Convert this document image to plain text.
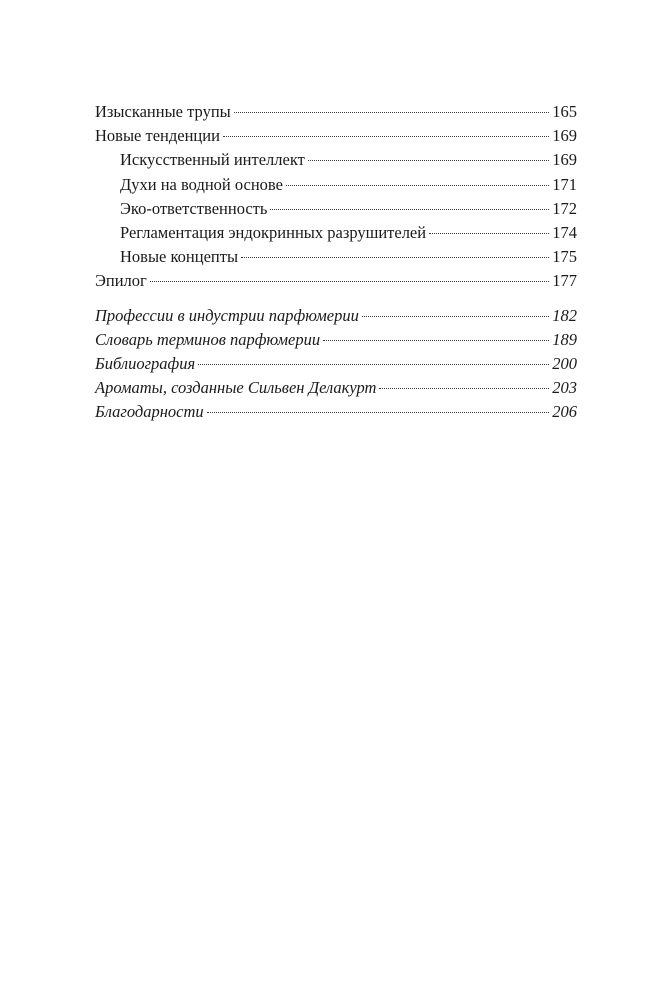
Изысканные трупы	165
Новые тенденции	169
Искусственный интеллект	169
Духи на водной основе	171
Эко-ответственность	172
Регламентация эндокринных разрушителей	174
Новые концепты	175
Эпилог	177
Профессии в индустрии парфюмерии	182
Словарь терминов парфюмерии	189
Библиография	200
Ароматы, созданные Сильвен Делакурт	203
Благодарности	206
